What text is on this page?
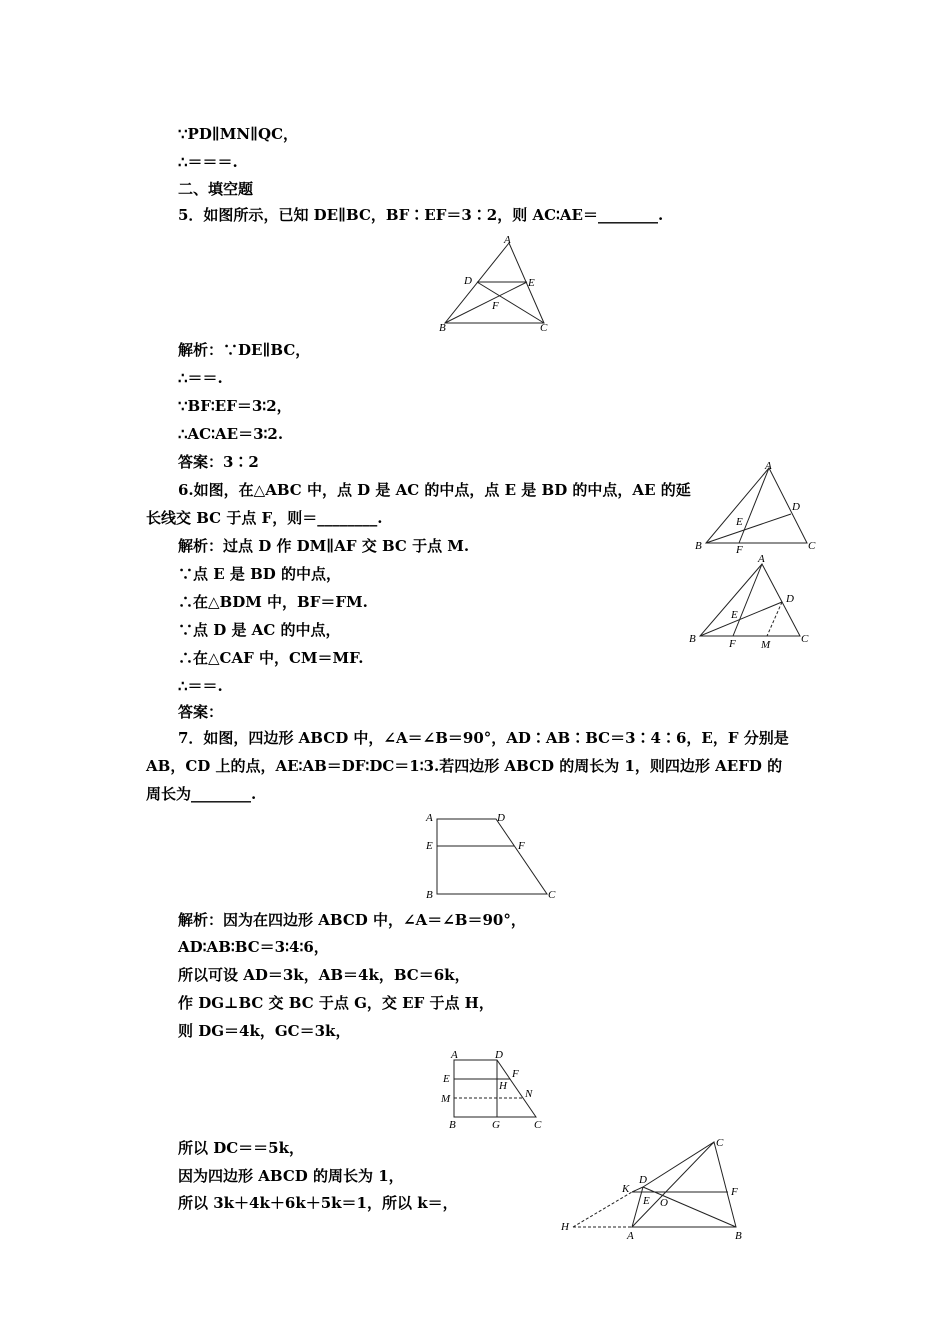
∵PD∥MN∥QC，
∴＝＝＝.
二、填空题
5．如图所示，已知 DE∥BC，BF∶EF＝3∶2，则 AC∶AE＝________.
A
B	C
D	E
F
解析：∵DE∥BC，
∴＝＝.
∵BF∶EF＝3∶2，
∴AC∶AE＝3∶2.
答案：3∶2
6.如图，在△ABC 中，点 D 是 AC 的中点，点 E 是 BD 的中点，AE 的延
长线交 BC 于点 F，则＝________.
A
B	C
D
E
F
解析：过点 D 作 DM∥AF 交 BC 于点 M.
A
B	C
D
E
F M
∵点 E 是 BD 的中点，
∴在△BDM 中，BF＝FM.
∵点 D 是 AC 的中点，
∴在△CAF 中，CM＝MF.
∴＝＝.
答案：
7．如图，四边形 ABCD 中，∠A＝∠B＝90°，AD∶AB∶BC＝3∶4∶6，E，F 分别是
AB，CD 上的点，AE∶AB＝DF∶DC＝1∶3.若四边形 ABCD 的周长为 1，则四边形 AEFD 的
周长为________.
A	D
E	F
B	C
解析：因为在四边形 ABCD 中，∠A＝∠B＝90°，
AD∶AB∶BC＝3∶4∶6，
所以可设 AD＝3k，AB＝4k，BC＝6k，
作 DG⊥BC 交 BC 于点 G，交 EF 于点 H，
则 DG＝4k，GC＝3k，
A	D
E	F
H
M	N
B	G	C
所以 DC＝＝5k，
因为四边形 ABCD 的周长为 1，
所以 3k＋4k＋6k＋5k＝1，所以 k＝，
C
D
K	F
E O
H
A	B
